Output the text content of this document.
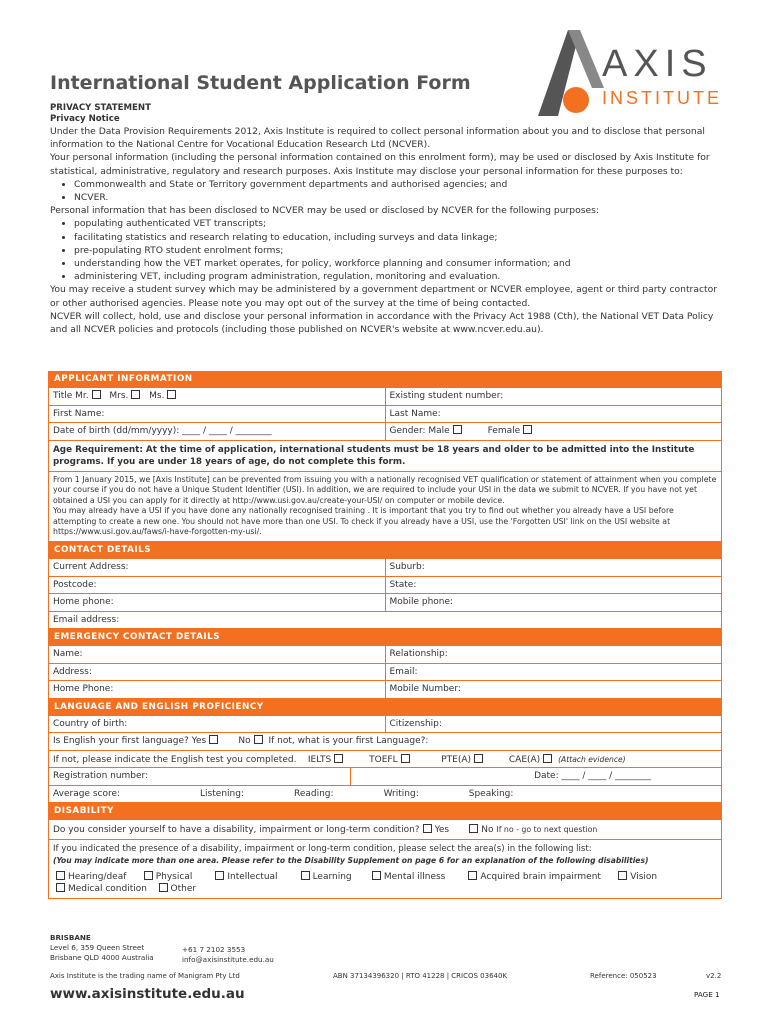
International Student Application Form	AXIS
INSTITUTE
PRIVACY STATEMENT
Privacy Notice

Under the Data Provision Requirements 2012, Axis Institute is required to collect personal information about you and to disclose that personal information to the National Centre for Vocational Education Research Ltd (NCVER).

Your personal information (including the personal information contained on this enrolment form), may be used or disclosed by Axis Institute for statistical, administrative, regulatory and research purposes. Axis Institute may disclose your personal information for these purposes to:

• Commonwealth and State or Territory government departments and authorised agencies; and
• NCVER.

Personal information that has been disclosed to NCVER may be used or disclosed by NCVER for the following purposes:

• populating authenticated VET transcripts;
• facilitating statistics and research relating to education, including surveys and data linkage;
• pre-populating RTO student enrolment forms;
• understanding how the VET market operates, for policy, workforce planning and consumer information; and
• administering VET, including program administration, regulation, monitoring and evaluation.

You may receive a student survey which may be administered by a government department or NCVER employee, agent or third party contractor or other authorised agencies. Please note you may opt out of the survey at the time of being contacted.

NCVER will collect, hold, use and disclose your personal information in accordance with the Privacy Act 1988 (Cth), the National VET Data Policy and all NCVER policies and protocols (including those published on NCVER's website at www.ncver.edu.au).

APPLICANT INFORMATION
Title Mr. Mrs. Ms.	Existing student number:
First Name:	Last Name:
Date of birth (dd/mm/yyyy): ____ / ____ / ________	Gender: Male	Female
Age Requirement: At the time of application, international students must be 18 years and older to be admitted into the Institute programs. If you are under 18 years of age, do not complete this form.

From 1 January 2015, we [Axis Institute] can be prevented from issuing you with a nationally recognised VET qualification or statement of attainment when you complete your course if you do not have a Unique Student Identifier (USI). In addition, we are required to include your USI in the data we submit to NCVER. If you have not yet obtained a USI you can apply for it directly at http://www.usi.gov.au/create-your-USI/ on computer or mobile device.

You may already have a USI if you have done any nationally recognised training . It is important that you try to find out whether you already have a USI before attempting to create a new one. You should not have more than one USI. To check if you already have a USI, use the 'Forgotten USI' link on the USI website at https://www.usi.gov.au/faws/i-have-forgotten-my-usi/.

CONTACT DETAILS
Current Address:	Suburb:
Postcode:	State:
Home phone:	Mobile phone:
Email address:
EMERGENCY CONTACT DETAILS
Name:	Relationship:
Address:	Email:
Home Phone:	Mobile Number:
LANGUAGE AND ENGLISH PROFICIENCY
Country of birth:	Citizenship:
Is English your first language? Yes	No If not, what is your first Language?:
If not, please indicate the English test you completed. IELTS	TOEFL	PTE(A)	CAE(A) (Attach evidence)
Registration number:	Date: ____ / ____ / ________
Average score:	Listening:	Reading:	Writing:	Speaking:
DISABILITY
Do you consider yourself to have a disability, impairment or long-term condition? Yes	No If no - go to next question

If you indicated the presence of a disability, impairment or long-term condition, please select the area(s) in the following list:

(You may indicate more than one area. Please refer to the Disability Supplement on page 6 for an explanation of the following disabilities)

Hearing/deaf	Physical	Intellectual	Learning	Mental illness	Acquired brain impairment	Vision
Medical condition	Other
BRISBANE
Level 6, 359 Queen Street
Brisbane QLD 4000 Australia
+61 7 2102 3553
info@axisinstitute.edu.au
Axis Institute is the trading name of Manigram Pty Ltd	ABN 37134396320 | RTO 41228 | CRICOS 03640K	Reference: 050523	v2.2
www.axisinstitute.edu.au	PAGE 1
